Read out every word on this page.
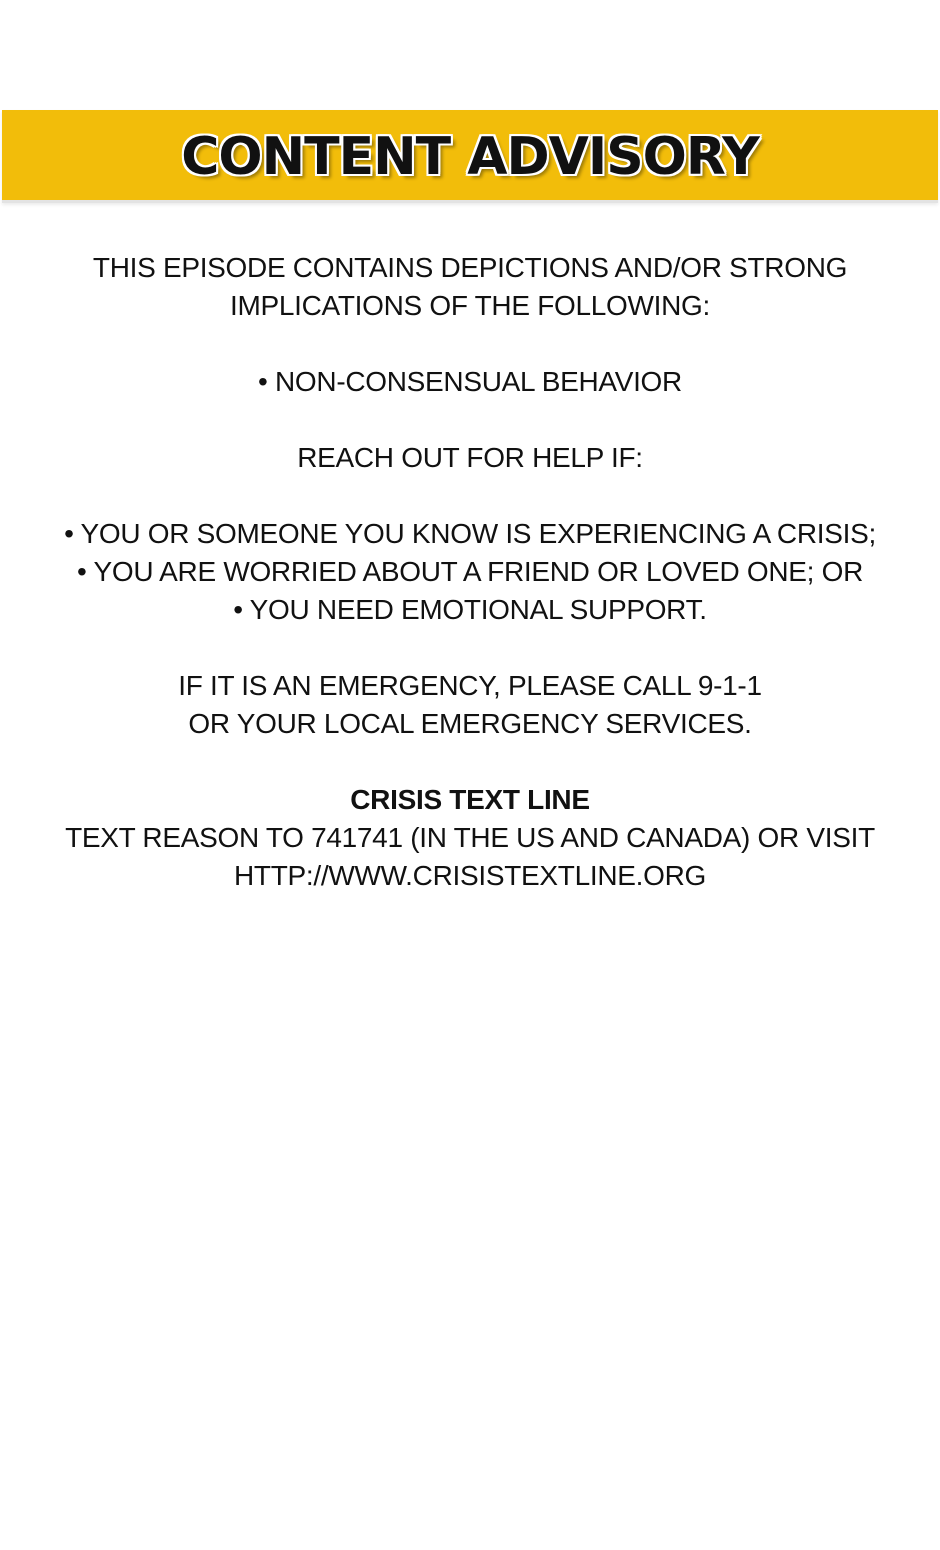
CONTENT ADVISORY
THIS EPISODE CONTAINS DEPICTIONS AND/OR STRONG
IMPLICATIONS OF THE FOLLOWING:
• NON-CONSENSUAL BEHAVIOR
REACH OUT FOR HELP IF:
• YOU OR SOMEONE YOU KNOW IS EXPERIENCING A CRISIS;
• YOU ARE WORRIED ABOUT A FRIEND OR LOVED ONE; OR
• YOU NEED EMOTIONAL SUPPORT.
IF IT IS AN EMERGENCY, PLEASE CALL 9-1-1
OR YOUR LOCAL EMERGENCY SERVICES.
CRISIS TEXT LINE
TEXT REASON TO 741741 (IN THE US AND CANADA) OR VISIT
HTTP://WWW.CRISISTEXTLINE.ORG
